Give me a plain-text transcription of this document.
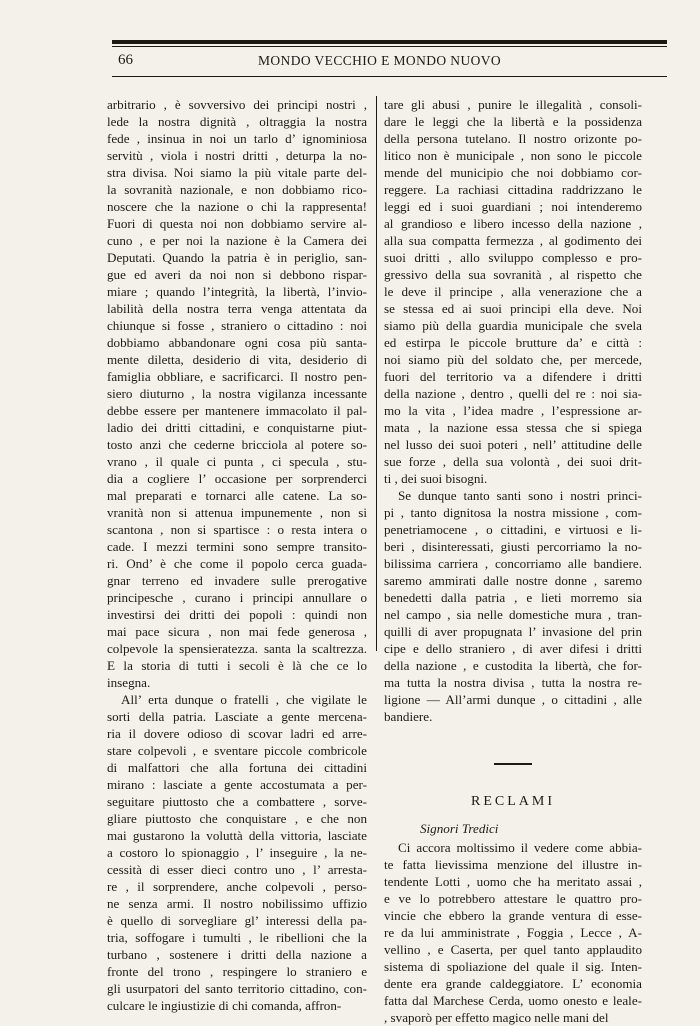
66	MONDO VECCHIO E MONDO NUOVO
arbitrario , è sovversivo dei principi nostri ,
lede la nostra dignità , oltraggia la nostra
fede , insinua in noi un tarlo d’ ignominiosa
servitù , viola i nostri dritti , deturpa la no-
stra divisa. Noi siamo la più vitale parte del-
la sovranità nazionale, e non dobbiamo rico-
noscere che la nazione o chi la rappresenta!
Fuori di questa noi non dobbiamo servire al-
cuno , e per noi la nazione è la Camera dei
Deputati. Quando la patria è in periglio, san-
gue ed averi da noi non si debbono rispar-
miare ; quando l’integrità, la libertà, l’invio-
labilità della nostra terra venga attentata da
chiunque si fosse , straniero o cittadino : noi
dobbiamo abbandonare ogni cosa più santa-
mente diletta, desiderio di vita, desiderio di
famiglia obbliare, e sacrificarci. Il nostro pen-
siero diuturno , la nostra vigilanza incessante
debbe essere per mantenere immacolato il pal-
ladio dei dritti cittadini, e conquistarne piut-
tosto anzi che cederne bricciola al potere so-
vrano , il quale ci punta , ci specula , stu-
dia a cogliere l’ occasione per sorprenderci
mal preparati e tornarci alle catene. La so-
vranità non si attenua impunemente , non si
scantona , non si spartisce : o resta intera o
cade. I mezzi termini sono sempre transito-
ri. Ond’ è che come il popolo cerca guada-
gnar terreno ed invadere sulle prerogative
principesche , curano i principi annullare o
investirsi dei dritti dei popoli : quindi non
mai pace sicura , non mai fede generosa ,
colpevole la spensieratezza. santa la scaltrezza.
E la storia di tutti i secoli è là che ce lo
insegna.
All’ erta dunque o fratelli , che vigilate le
sorti della patria. Lasciate a gente mercena-
ria il dovere odioso di scovar ladri ed arre-
stare colpevoli , e sventare piccole combricole
di malfattori che alla fortuna dei cittadini
mirano : lasciate a gente accostumata a per-
seguitare piuttosto che a combattere , sorve-
gliare piuttosto che conquistare , e che non
mai gustarono la voluttà della vittoria, lasciate
a costoro lo spionaggio , l’ inseguire , la ne-
cessità di esser dieci contro uno , l’ arresta-
re , il sorprendere, anche colpevoli , perso-
ne senza armi. Il nostro nobilissimo uffizio
è quello di sorvegliare gl’ interessi della pa-
tria, soffogare i tumulti , le ribellioni che la
turbano , sostenere i dritti della nazione a
fronte del trono , respingere lo straniero e
gli usurpatori del santo territorio cittadino, con-
culcare le ingiustizie di chi comanda, affron-
tare gli abusi , punire le illegalità , consoli-
dare le leggi che la libertà e la possidenza
della persona tutelano. Il nostro orizonte po-
litico non è municipale , non sono le piccole
mende del municipio che noi dobbiamo cor-
reggere. La rachiasi cittadina raddrizzano le
leggi ed i suoi guardiani ; noi intenderemo
al grandioso e libero incesso della nazione ,
alla sua compatta fermezza , al godimento dei
suoi dritti , allo sviluppo complesso e pro-
gressivo della sua sovranità , al rispetto che
le deve il principe , alla venerazione che a
se stessa ed ai suoi principi ella deve. Noi
siamo più della guardia municipale che svela
ed estirpa le piccole brutture da’ e città :
noi siamo più del soldato che, per mercede,
fuori del territorio va a difendere i dritti
della nazione , dentro , quelli del re : noi sia-
mo la vita , l’idea madre , l’espressione ar-
mata , la nazione essa stessa che si spiega
nel lusso dei suoi poteri , nell’ attitudine delle
sue forze , della sua volontà , dei suoi drit-
ti , dei suoi bisogni.
Se dunque tanto santi sono i nostri princi-
pi , tanto dignitosa la nostra missione , com-
penetriamocene , o cittadini, e virtuosi e li-
beri , disinteressati, giusti percorriamo la no-
bilissima carriera , concorriamo alle bandiere.
saremo ammirati dalle nostre donne , saremo
benedetti dalla patria , e lieti morremo sia
nel campo , sia nelle domestiche mura , tran-
quilli di aver propugnata l’ invasione del prin
cipe e dello straniero , di aver difesi i dritti
della nazione , e custodita la libertà, che for-
ma tutta la nostra divisa , tutta la nostra re-
ligione — All’armi dunque , o cittadini , alle
bandiere.
RECLAMI
Signori Tredici
Ci accora moltissimo il vedere come abbia-
te fatta lievissima menzione del illustre in-
tendente Lotti , uomo che ha meritato assai ,
e ve lo potrebbero attestare le quattro pro-
vincie che ebbero la grande ventura di esse-
re da lui amministrate , Foggia , Lecce , A-
vellino , e Caserta, per quel tanto applaudito
sistema di spoliazione del quale il sig. Inten-
dente era grande caldeggiatore. L’ economia
fatta dal Marchese Cerda, uomo onesto e leale-
, svaporò per effetto magico nelle mani del
